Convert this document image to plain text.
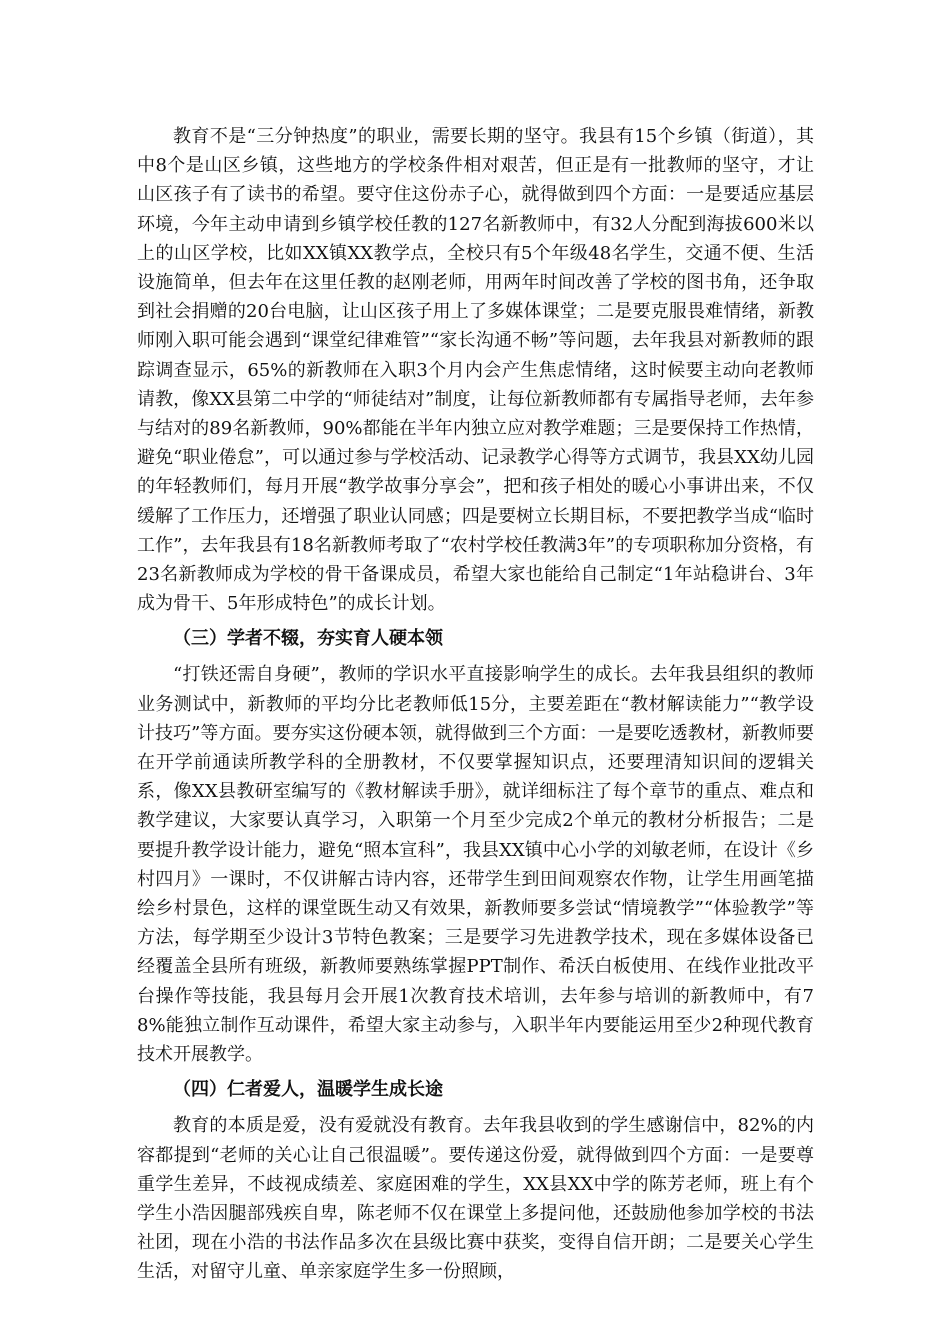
教育不是“三分钟热度”的职业，需要长期的坚守。我县有15个乡镇（街道），其中8个是山区乡镇，这些地方的学校条件相对艰苦，但正是有一批教师的坚守，才让山区孩子有了读书的希望。要守住这份赤子心，就得做到四个方面：一是要适应基层环境，今年主动申请到乡镇学校任教的127名新教师中，有32人分配到海拔600米以上的山区学校，比如XX镇XX教学点，全校只有5个年级48名学生，交通不便、生活设施简单，但去年在这里任教的赵刚老师，用两年时间改善了学校的图书角，还争取到社会捐赠的20台电脑，让山区孩子用上了多媒体课堂；二是要克服畏难情绪，新教师刚入职可能会遇到“课堂纪律难管”“家长沟通不畅”等问题，去年我县对新教师的跟踪调查显示，65%的新教师在入职3个月内会产生焦虑情绪，这时候要主动向老教师请教，像XX县第二中学的“师徒结对”制度，让每位新教师都有专属指导老师，去年参与结对的89名新教师，90%都能在半年内独立应对教学难题；三是要保持工作热情，避免“职业倦怠”，可以通过参与学校活动、记录教学心得等方式调节，我县XX幼儿园的年轻教师们，每月开展“教学故事分享会”，把和孩子相处的暖心小事讲出来，不仅缓解了工作压力，还增强了职业认同感；四是要树立长期目标，不要把教学当成“临时工作”，去年我县有18名新教师考取了“农村学校任教满3年”的专项职称加分资格，有23名新教师成为学校的骨干备课成员，希望大家也能给自己制定“1年站稳讲台、3年成为骨干、5年形成特色”的成长计划。

（三）学者不辍，夯实育人硬本领

“打铁还需自身硬”，教师的学识水平直接影响学生的成长。去年我县组织的教师业务测试中，新教师的平均分比老教师低15分，主要差距在“教材解读能力”“教学设计技巧”等方面。要夯实这份硬本领，就得做到三个方面：一是要吃透教材，新教师要在开学前通读所教学科的全册教材，不仅要掌握知识点，还要理清知识间的逻辑关系，像XX县教研室编写的《教材解读手册》，就详细标注了每个章节的重点、难点和教学建议，大家要认真学习，入职第一个月至少完成2个单元的教材分析报告；二是要提升教学设计能力，避免“照本宣科”，我县XX镇中心小学的刘敏老师，在设计《乡村四月》一课时，不仅讲解古诗内容，还带学生到田间观察农作物，让学生用画笔描绘乡村景色，这样的课堂既生动又有效果，新教师要多尝试“情境教学”“体验教学”等方法，每学期至少设计3节特色教案；三是要学习先进教学技术，现在多媒体设备已经覆盖全县所有班级，新教师要熟练掌握PPT制作、希沃白板使用、在线作业批改平台操作等技能，我县每月会开展1次教育技术培训，去年参与培训的新教师中，有78%能独立制作互动课件，希望大家主动参与，入职半年内要能运用至少2种现代教育技术开展教学。

（四）仁者爱人，温暖学生成长途

教育的本质是爱，没有爱就没有教育。去年我县收到的学生感谢信中，82%的内容都提到“老师的关心让自己很温暖”。要传递这份爱，就得做到四个方面：一是要尊重学生差异，不歧视成绩差、家庭困难的学生，XX县XX中学的陈芳老师，班上有个学生小浩因腿部残疾自卑，陈老师不仅在课堂上多提问他，还鼓励他参加学校的书法社团，现在小浩的书法作品多次在县级比赛中获奖，变得自信开朗；二是要关心学生生活，对留守儿童、单亲家庭学生多一份照顾，
